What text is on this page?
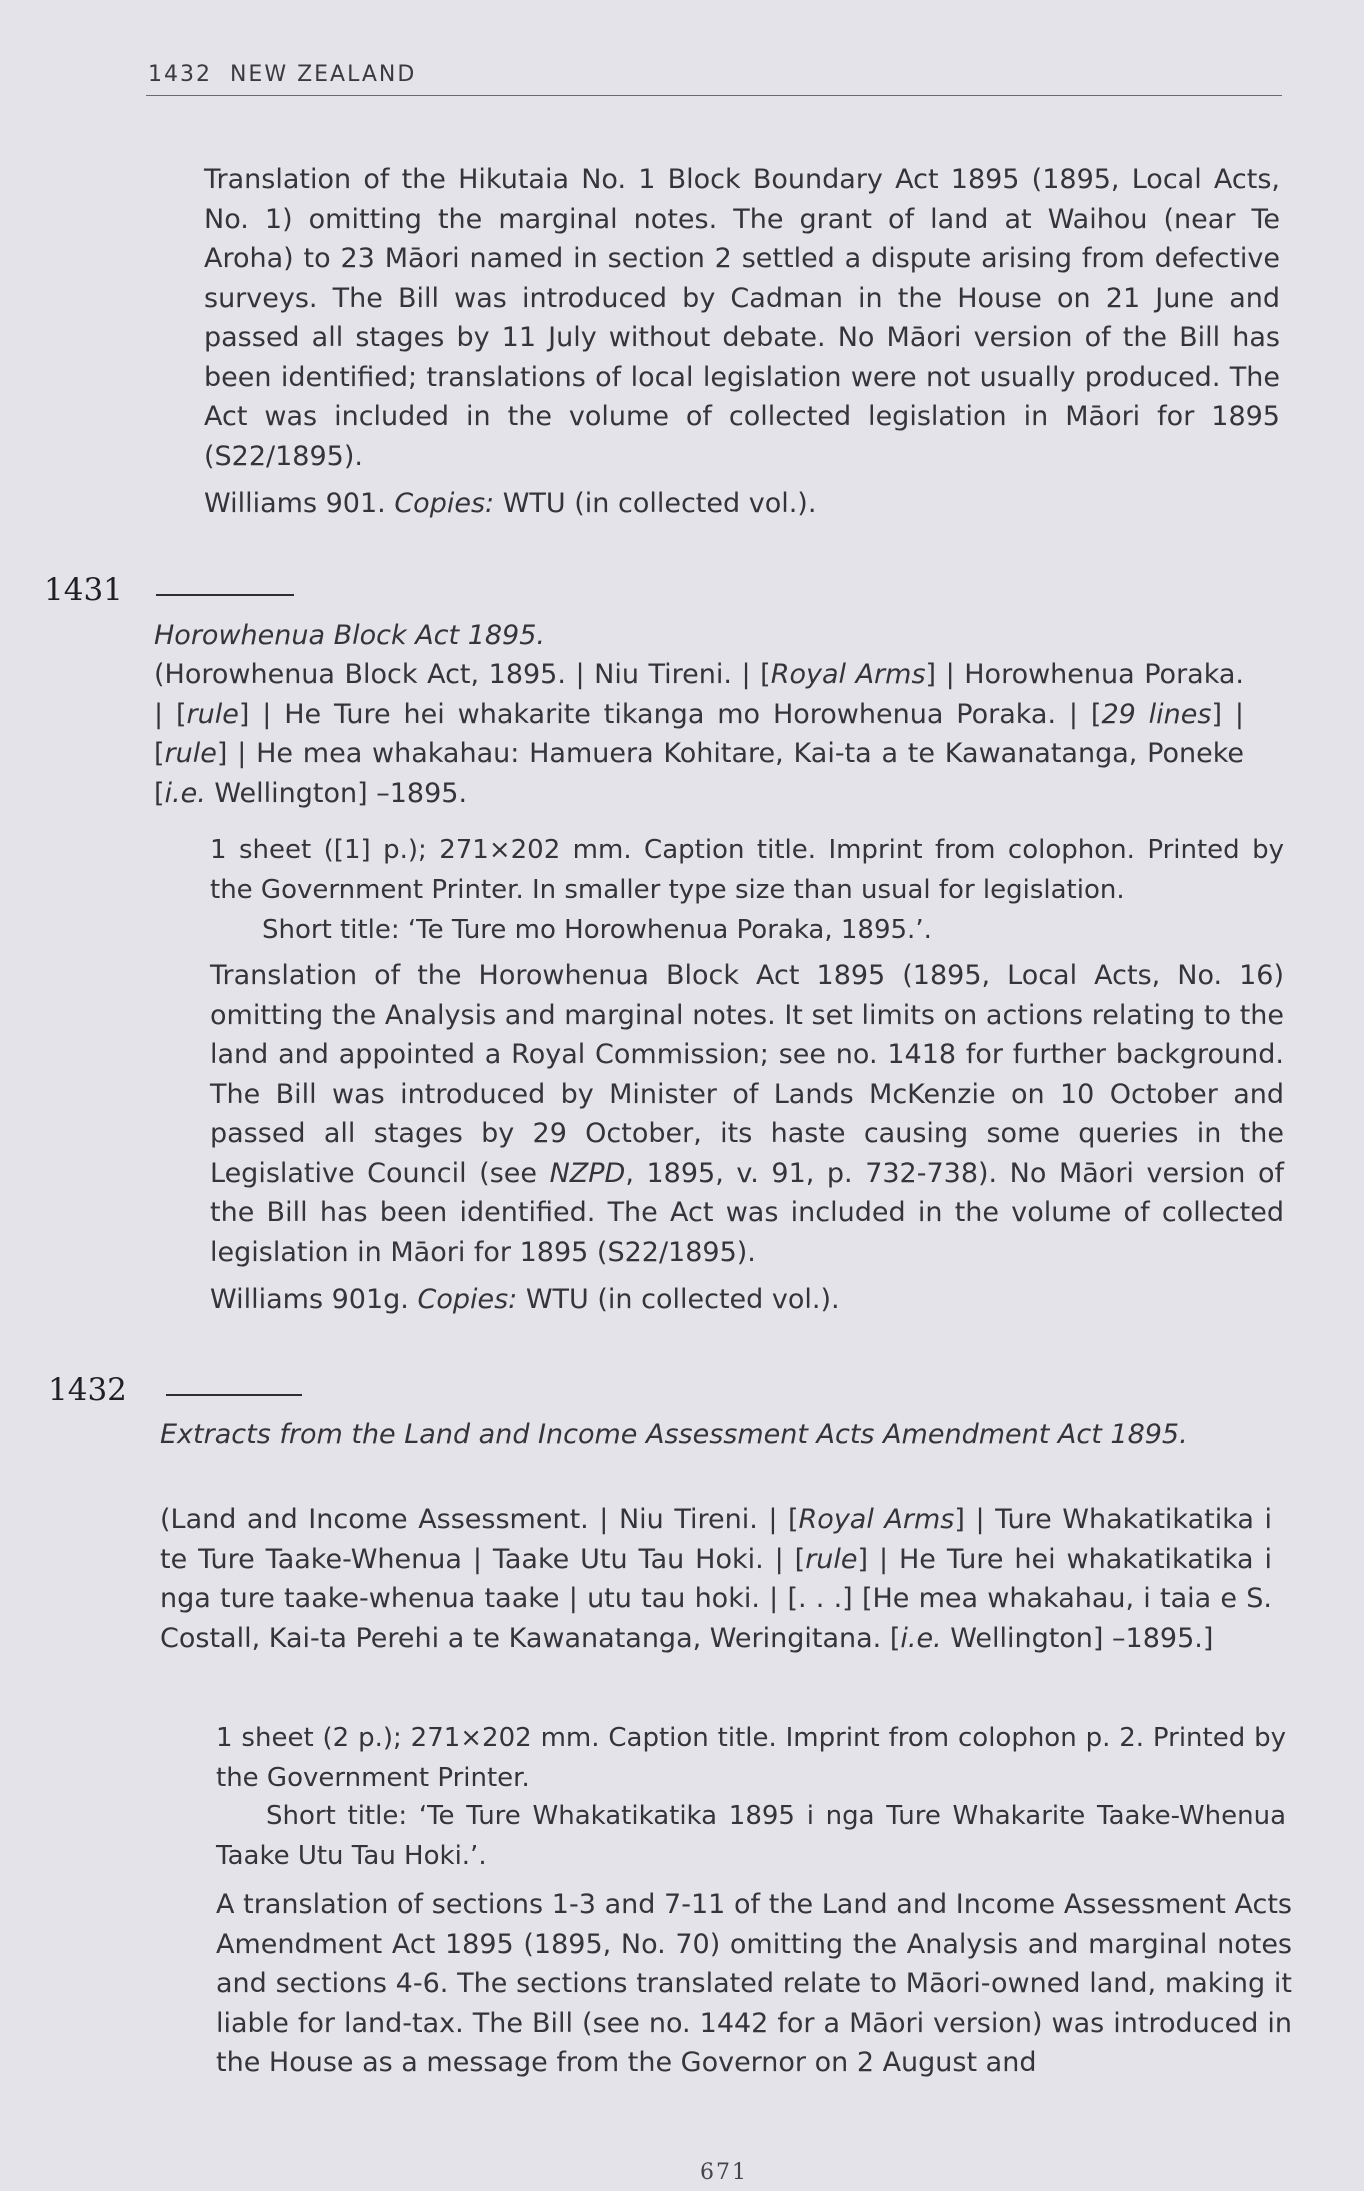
1432  NEW ZEALAND

Translation of the Hikutaia No. 1 Block Boundary Act 1895 (1895, Local Acts, No. 1) omitting the marginal notes. The grant of land at Waihou (near Te Aroha) to 23 Māori named in section 2 settled a dispute arising from defective surveys. The Bill was introduced by Cadman in the House on 21 June and passed all stages by 11 July without debate. No Māori version of the Bill has been identified; translations of local legislation were not usually produced. The Act was included in the volume of collected legislation in Māori for 1895 (S22/1895).

Williams 901. Copies: WTU (in collected vol.).

1431

Horowhenua Block Act 1895.

(Horowhenua Block Act, 1895. | Niu Tireni. | [Royal Arms] | Horowhenua Poraka. | [rule] | He Ture hei whakarite tikanga mo Horowhenua Poraka. | [29 lines] | [rule] | He mea whakahau: Hamuera Kohitare, Kai-ta a te Kawanatanga, Poneke [i.e. Wellington] –1895.

1 sheet ([1] p.); 271×202 mm. Caption title. Imprint from colophon. Printed by the Government Printer. In smaller type size than usual for legislation.

Short title: ‘Te Ture mo Horowhenua Poraka, 1895.’.

Translation of the Horowhenua Block Act 1895 (1895, Local Acts, No. 16) omitting the Analysis and marginal notes. It set limits on actions relating to the land and appointed a Royal Commission; see no. 1418 for further background. The Bill was introduced by Minister of Lands McKenzie on 10 October and passed all stages by 29 October, its haste causing some queries in the Legislative Council (see NZPD, 1895, v. 91, p. 732-738). No Māori version of the Bill has been identified. The Act was included in the volume of collected legislation in Māori for 1895 (S22/1895).

Williams 901g. Copies: WTU (in collected vol.).

1432

Extracts from the Land and Income Assessment Acts Amendment Act 1895.

(Land and Income Assessment. | Niu Tireni. | [Royal Arms] | Ture Whakatikatika i te Ture Taake-Whenua | Taake Utu Tau Hoki. | [rule] | He Ture hei whakatikatika i nga ture taake-whenua taake | utu tau hoki. | [. . .] [He mea whakahau, i taia e S. Costall, Kai-ta Perehi a te Kawanatanga, Weringitana. [i.e. Wellington] –1895.]

1 sheet (2 p.); 271×202 mm. Caption title. Imprint from colophon p. 2. Printed by the Government Printer.

Short title: ‘Te Ture Whakatikatika 1895 i nga Ture Whakarite Taake-Whenua Taake Utu Tau Hoki.’.

A translation of sections 1-3 and 7-11 of the Land and Income Assessment Acts Amendment Act 1895 (1895, No. 70) omitting the Analysis and marginal notes and sections 4-6. The sections translated relate to Māori-owned land, making it liable for land-tax. The Bill (see no. 1442 for a Māori version) was introduced in the House as a message from the Governor on 2 August and

671
